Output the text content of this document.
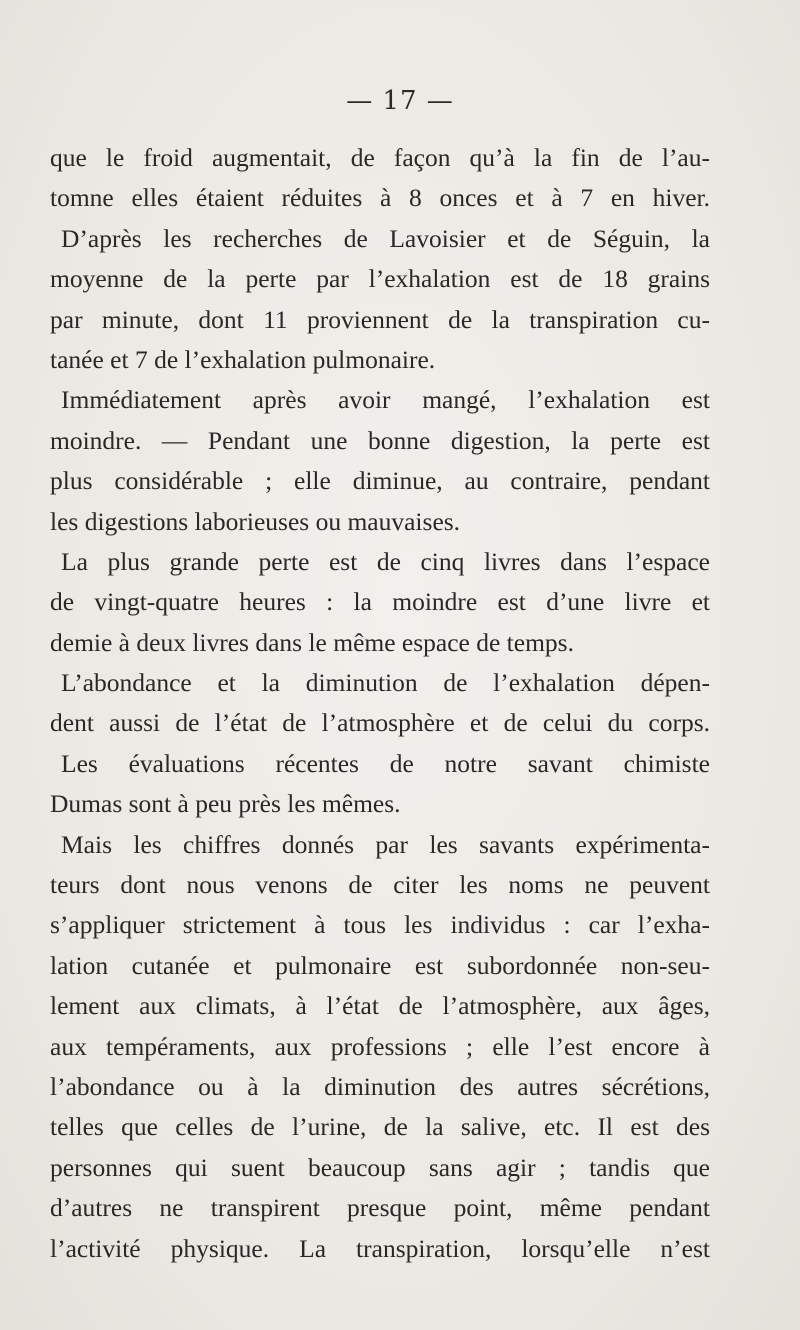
— 17 —
que le froid augmentait, de façon qu’à la fin de l’au-
tomne elles étaient réduites à 8 onces et à 7 en hiver.
D’après les recherches de Lavoisier et de Séguin, la
moyenne de la perte par l’exhalation est de 18 grains
par minute, dont 11 proviennent de la transpiration cu-
tanée et 7 de l’exhalation pulmonaire.
Immédiatement après avoir mangé, l’exhalation est
moindre. — Pendant une bonne digestion, la perte est
plus considérable ; elle diminue, au contraire, pendant
les digestions laborieuses ou mauvaises.
La plus grande perte est de cinq livres dans l’espace
de vingt-quatre heures : la moindre est d’une livre et
demie à deux livres dans le même espace de temps.
L’abondance et la diminution de l’exhalation dépen-
dent aussi de l’état de l’atmosphère et de celui du corps.
Les évaluations récentes de notre savant chimiste
Dumas sont à peu près les mêmes.
Mais les chiffres donnés par les savants expérimenta-
teurs dont nous venons de citer les noms ne peuvent
s’appliquer strictement à tous les individus : car l’exha-
lation cutanée et pulmonaire est subordonnée non-seu-
lement aux climats, à l’état de l’atmosphère, aux âges,
aux tempéraments, aux professions ; elle l’est encore à
l’abondance ou à la diminution des autres sécrétions,
telles que celles de l’urine, de la salive, etc. Il est des
personnes qui suent beaucoup sans agir ; tandis que
d’autres ne transpirent presque point, même pendant
l’activité physique. La transpiration, lorsqu’elle n’est
